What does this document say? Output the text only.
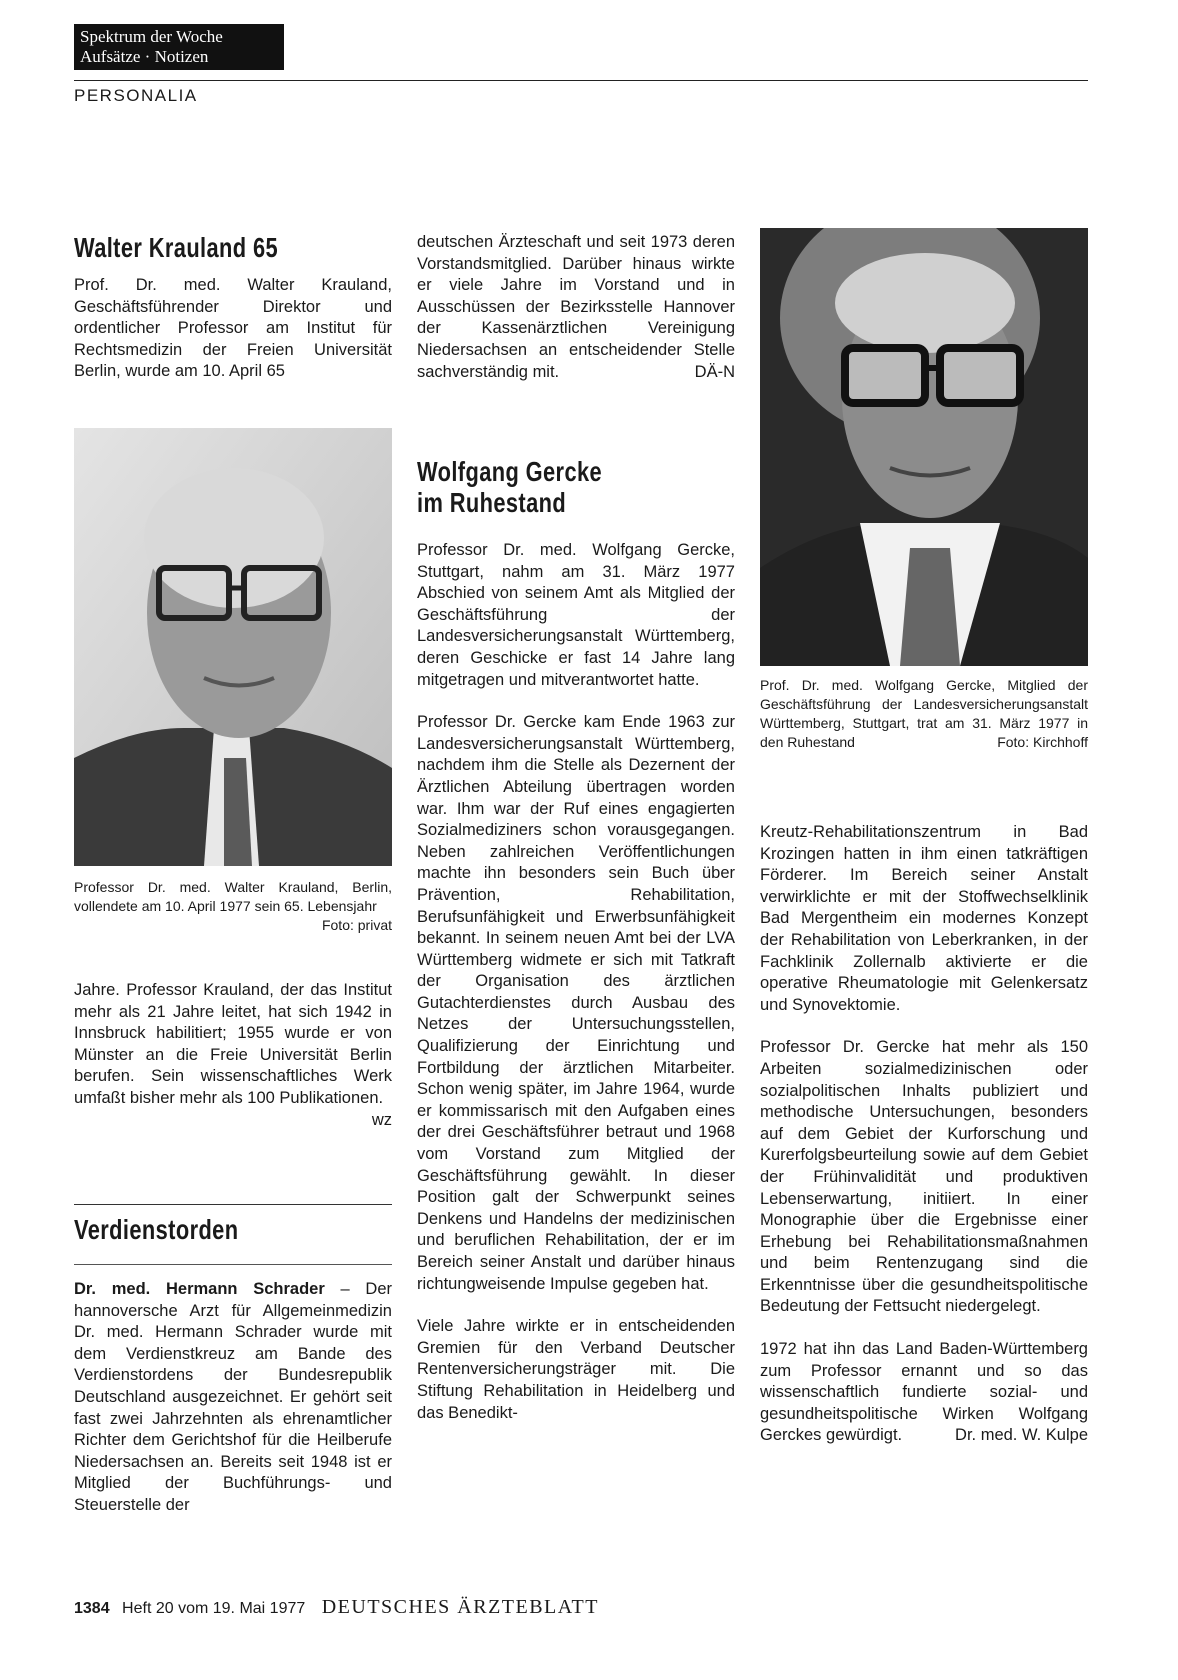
Spektrum der Woche
Aufsätze · Notizen
PERSONALIA
Walter Krauland 65

Prof. Dr. med. Walter Krauland, Geschäftsführender Direktor und ordentlicher Professor am Institut für Rechtsmedizin der Freien Universität Berlin, wurde am 10. April 65

Professor Dr. med. Walter Krauland, Berlin, vollendete am 10. April 1977 sein 65. Lebensjahr
Foto: privat

Jahre. Professor Krauland, der das Institut mehr als 21 Jahre leitet, hat sich 1942 in Innsbruck habilitiert; 1955 wurde er von Münster an die Freie Universität Berlin berufen. Sein wissenschaftliches Werk umfaßt bisher mehr als 100 Publikationen.
wz

Verdienstorden

Dr. med. Hermann Schrader – Der hannoversche Arzt für Allgemeinmedizin Dr. med. Hermann Schrader wurde mit dem Verdienstkreuz am Bande des Verdienstordens der Bundesrepublik Deutschland ausgezeichnet. Er gehört seit fast zwei Jahrzehnten als ehrenamtlicher Richter dem Gerichtshof für die Heilberufe Niedersachsen an. Bereits seit 1948 ist er Mitglied der Buchführungs- und Steuerstelle der

deutschen Ärzteschaft und seit 1973 deren Vorstandsmitglied. Darüber hinaus wirkte er viele Jahre im Vorstand und in Ausschüssen der Bezirksstelle Hannover der Kassenärztlichen Vereinigung Niedersachsen an entscheidender Stelle sachverständig mit.	DÄ-N

Wolfgang Gercke
im Ruhestand

Professor Dr. med. Wolfgang Gercke, Stuttgart, nahm am 31. März 1977 Abschied von seinem Amt als Mitglied der Geschäftsführung der Landesversicherungsanstalt Württemberg, deren Geschicke er fast 14 Jahre lang mitgetragen und mitverantwortet hatte.

Professor Dr. Gercke kam Ende 1963 zur Landesversicherungsanstalt Württemberg, nachdem ihm die Stelle als Dezernent der Ärztlichen Abteilung übertragen worden war. Ihm war der Ruf eines engagierten Sozialmediziners schon vorausgegangen. Neben zahlreichen Veröffentlichungen machte ihn besonders sein Buch über Prävention, Rehabilitation, Berufsunfähigkeit und Erwerbsunfähigkeit bekannt. In seinem neuen Amt bei der LVA Württemberg widmete er sich mit Tatkraft der Organisation des ärztlichen Gutachterdienstes durch Ausbau des Netzes der Untersuchungsstellen, Qualifizierung der Einrichtung und Fortbildung der ärztlichen Mitarbeiter. Schon wenig später, im Jahre 1964, wurde er kommissarisch mit den Aufgaben eines der drei Geschäftsführer betraut und 1968 vom Vorstand zum Mitglied der Geschäftsführung gewählt. In dieser Position galt der Schwerpunkt seines Denkens und Handelns der medizinischen und beruflichen Rehabilitation, der er im Bereich seiner Anstalt und darüber hinaus richtungweisende Impulse gegeben hat.

Viele Jahre wirkte er in entscheidenden Gremien für den Verband Deutscher Rentenversicherungsträger mit. Die Stiftung Rehabilitation in Heidelberg und das Benedikt-

Prof. Dr. med. Wolfgang Gercke, Mitglied der Geschäftsführung der Landesversicherungsanstalt Württemberg, Stuttgart, trat am 31. März 1977 in den Ruhestand	Foto: Kirchhoff

Kreutz-Rehabilitationszentrum in Bad Krozingen hatten in ihm einen tatkräftigen Förderer. Im Bereich seiner Anstalt verwirklichte er mit der Stoffwechselklinik Bad Mergentheim ein modernes Konzept der Rehabilitation von Leberkranken, in der Fachklinik Zollernalb aktivierte er die operative Rheumatologie mit Gelenkersatz und Synovektomie.

Professor Dr. Gercke hat mehr als 150 Arbeiten sozialmedizinischen oder sozialpolitischen Inhalts publiziert und methodische Untersuchungen, besonders auf dem Gebiet der Kurforschung und Kurerfolgsbeurteilung sowie auf dem Gebiet der Frühinvalidität und produktiven Lebenserwartung, initiiert. In einer Monographie über die Ergebnisse einer Erhebung bei Rehabilitationsmaßnahmen und beim Rentenzugang sind die Erkenntnisse über die gesundheitspolitische Bedeutung der Fettsucht niedergelegt.

1972 hat ihn das Land Baden-Württemberg zum Professor ernannt und so das wissenschaftlich fundierte sozial- und gesundheitspolitische Wirken Wolfgang Gerckes gewürdigt.	Dr. med. W. Kulpe

1384 Heft 20 vom 19. Mai 1977 DEUTSCHES ÄRZTEBLATT
